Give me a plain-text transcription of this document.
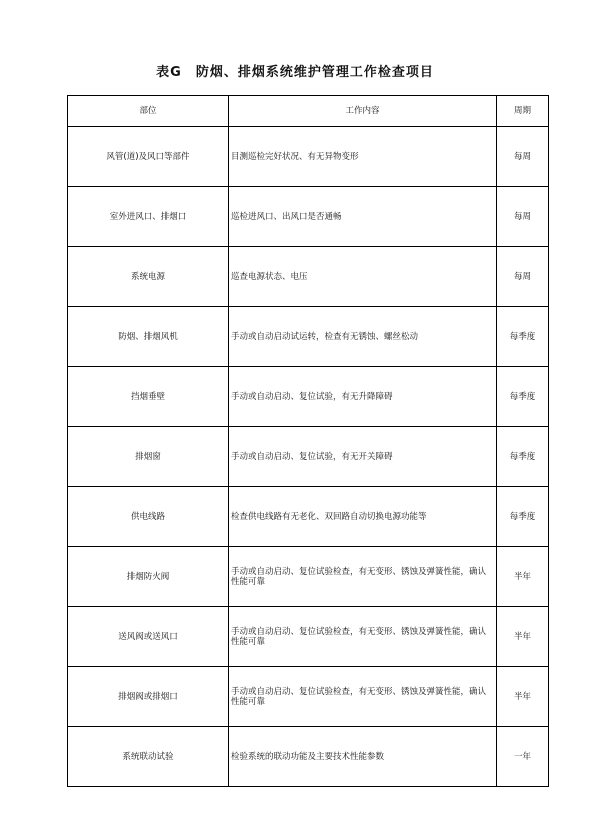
表G　防烟、排烟系统维护管理工作检查项目
部位	工作内容	周期
风管(道)及风口等部件	目测巡检完好状况、有无异物变形	每周
室外进风口、排烟口	巡检进风口、出风口是否通畅	每周
系统电源	巡查电源状态、电压	每周
防烟、排烟风机	手动或自动启动试运转，检查有无锈蚀、螺丝松动	每季度
挡烟垂壁	手动或自动启动、复位试验，有无升降障碍	每季度
排烟窗	手动或自动启动、复位试验，有无开关障碍	每季度
供电线路	检查供电线路有无老化、双回路自动切换电源功能等	每季度
排烟防火阀	手动或自动启动、复位试验检查，有无变形、锈蚀及弹簧性能，确认性能可靠	半年
送风阀或送风口	手动或自动启动、复位试验检查，有无变形、锈蚀及弹簧性能，确认性能可靠	半年
排烟阀或排烟口	手动或自动启动、复位试验检查，有无变形、锈蚀及弹簧性能，确认性能可靠	半年
系统联动试验	检验系统的联动功能及主要技术性能参数	一年
